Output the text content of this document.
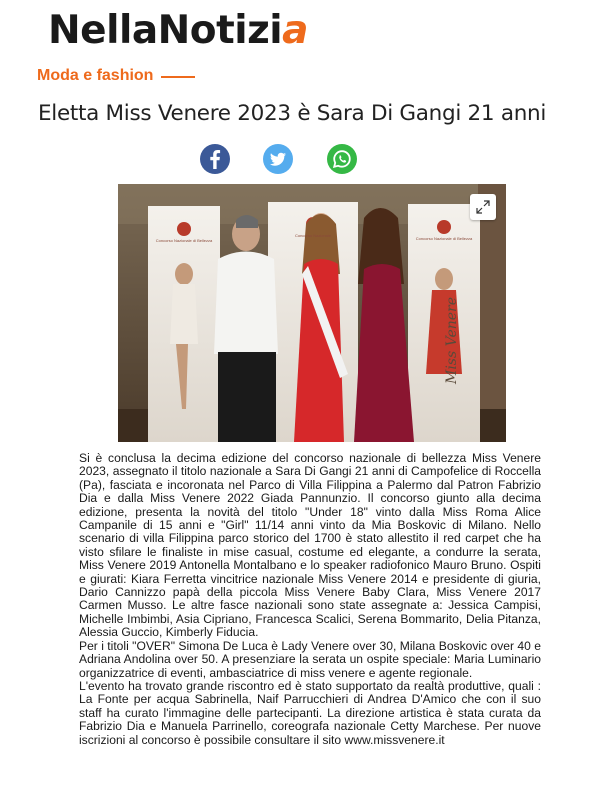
NellaNotizia
Moda e fashion
Eletta Miss Venere 2023 è Sara Di Gangi 21 anni
Miss Venere
Concorso Nazionale di Bellezza
Concorso Nazionale
Concorso Nazionale di Bellezza

Si è conclusa la decima edizione del concorso nazionale di bellezza Miss Venere 2023, assegnato il titolo nazionale a Sara Di Gangi 21 anni di Campofelice di Roccella (Pa), fasciata e incoronata nel Parco di Villa Filippina a Palermo dal Patron Fabrizio Dia e dalla Miss Venere 2022 Giada Pannunzio. Il concorso giunto alla decima edizione, presenta la novità del titolo "Under 18" vinto dalla Miss Roma Alice Campanile di 15 anni e "Girl" 11/14 anni vinto da Mia Boskovic di Milano. Nello scenario di villa Filippina parco storico del 1700 è stato allestito il red carpet che ha visto sfilare le finaliste in mise casual, costume ed elegante, a condurre la serata, Miss Venere 2019 Antonella Montalbano e lo speaker radiofonico Mauro Bruno. Ospiti e giurati: Kiara Ferretta vincitrice nazionale Miss Venere 2014 e presidente di giuria, Dario Cannizzo papà della piccola Miss Venere Baby Clara, Miss Venere 2017 Carmen Musso. Le altre fasce nazionali sono state assegnate a: Jessica Campisi, Michelle Imbimbi, Asia Cipriano, Francesca Scalici, Serena Bommarito, Delia Pitanza, Alessia Guccio, Kimberly Fiducia.

Per i titoli "OVER" Simona De Luca è Lady Venere over 30, Milana Boskovic over 40 e Adriana Andolina over 50. A presenziare la serata un ospite speciale: Maria Luminario organizzatrice di eventi, ambasciatrice di miss venere e agente regionale.

L'evento ha trovato grande riscontro ed è stato supportato da realtà produttive, quali : La Fonte per acqua Sabrinella, Naif Parrucchieri di Andrea D'Amico che con il suo staff ha curato l'immagine delle partecipanti. La direzione artistica è stata curata da Fabrizio Dia e Manuela Parrinello, coreografa nazionale Cetty Marchese. Per nuove iscrizioni al concorso è possibile consultare il sito www.missvenere.it
